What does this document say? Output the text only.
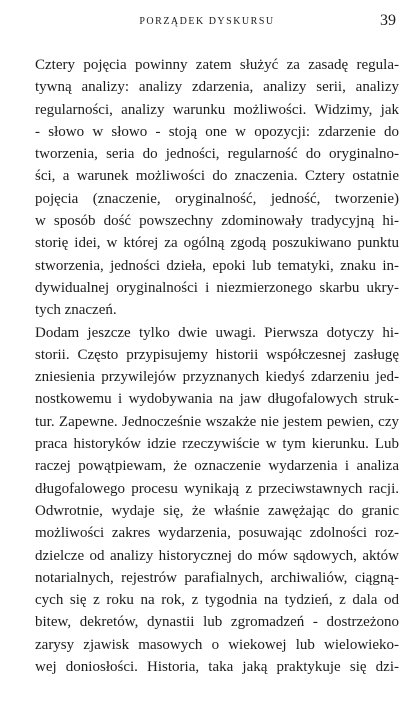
PORZĄDEK DYSKURSU	39

Cztery pojęcia powinny zatem służyć za zasadę regula-
tywną analizy: analizy zdarzenia, analizy serii, analizy
regularności, analizy warunku możliwości. Widzimy, jak
- słowo w słowo - stoją one w opozycji: zdarzenie do
tworzenia, seria do jedności, regularność do oryginalno-
ści, a warunek możliwości do znaczenia. Cztery ostatnie
pojęcia (znaczenie, oryginalność, jedność, tworzenie)
w sposób dość powszechny zdominowały tradycyjną hi-
storię idei, w której za ogólną zgodą poszukiwano punktu
stworzenia, jedności dzieła, epoki lub tematyki, znaku in-
dywidualnej oryginalności i niezmierzonego skarbu ukry-
tych znaczeń.

Dodam jeszcze tylko dwie uwagi. Pierwsza dotyczy hi-
storii. Często przypisujemy historii współczesnej zasługę
zniesienia przywilejów przyznanych kiedyś zdarzeniu jed-
nostkowemu i wydobywania na jaw długofalowych struk-
tur. Zapewne. Jednocześnie wszakże nie jestem pewien, czy
praca historyków idzie rzeczywiście w tym kierunku. Lub
raczej powątpiewam, że oznaczenie wydarzenia i analiza
długofalowego procesu wynikają z przeciwstawnych racji.
Odwrotnie, wydaje się, że właśnie zawężając do granic
możliwości zakres wydarzenia, posuwając zdolności roz-
dzielcze od analizy historycznej do mów sądowych, aktów
notarialnych, rejestrów parafialnych, archiwaliów, ciągną-
cych się z roku na rok, z tygodnia na tydzień, z dala od
bitew, dekretów, dynastii lub zgromadzeń - dostrzeżono
zarysy zjawisk masowych o wiekowej lub wielowieko-
wej doniosłości. Historia, taka jaką praktykuje się dzi-
